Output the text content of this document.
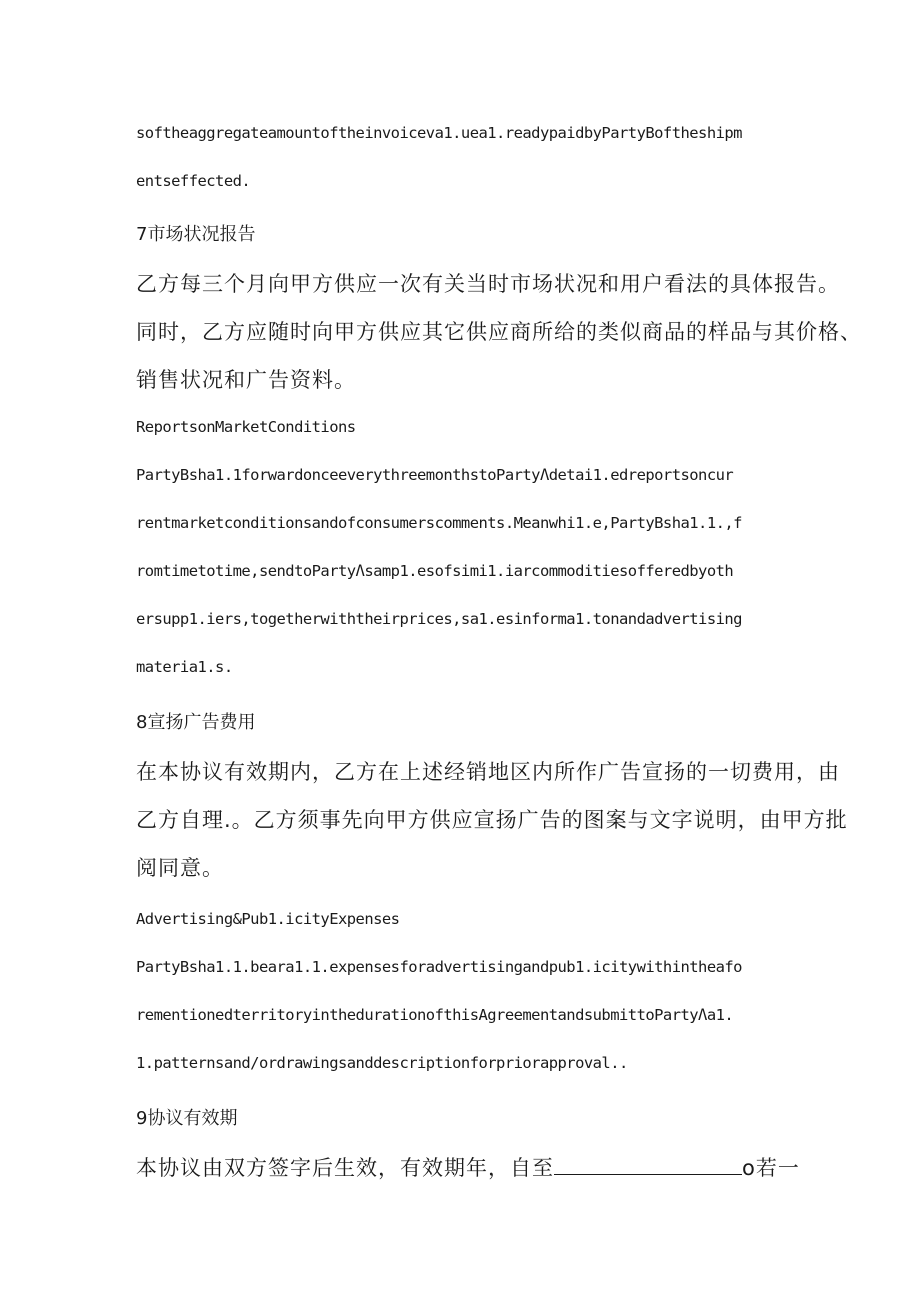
softheaggregateamountoftheinvoiceva1.uea1.readypaidbyPartyBoftheshipm

entseffected.

7市场状况报告

乙方每三个月向甲方供应一次有关当时市场状况和用户看法的具体报告。

同时，乙方应随时向甲方供应其它供应商所给的类似商品的样品与其价格、

销售状况和广告资料。

ReportsonMarketConditions

PartyBsha1.1forwardonceeverythreemonthstoPartyΛdetai1.edreportsoncur

rentmarketconditionsandofconsumerscomments.Meanwhi1.e,PartyBsha1.1.,f

romtimetotime,sendtoPartyΛsamp1.esofsimi1.iarcommoditiesofferedbyoth

ersupp1.iers,togetherwiththeirprices,sa1.esinforma1.tonandadvertising

materia1.s.

8宣扬广告费用

在本协议有效期内，乙方在上述经销地区内所作广告宣扬的一切费用，由

乙方自理.。乙方须事先向甲方供应宣扬广告的图案与文字说明，由甲方批

阅同意。

Advertising&Pub1.icityExpenses

PartyBsha1.1.beara1.1.expensesforadvertisingandpub1.icitywithintheafo

rementionedterritoryinthedurationofthisAgreementandsubmittoPartyΛa1.

1.patternsand/ordrawingsanddescriptionforpriorapproval..

9协议有效期

本协议由双方签字后生效，有效期年，自至	o若一
